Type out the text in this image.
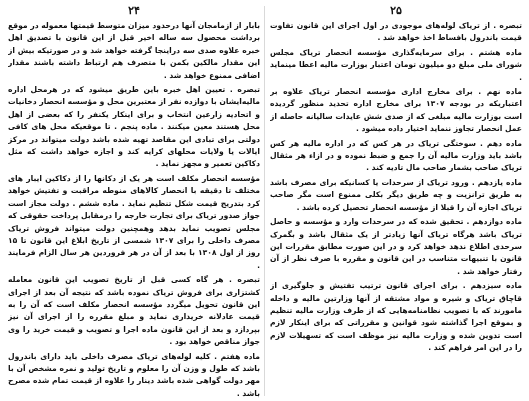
۲۴

بابار از ازمامجان آنها درحدود میزان متوسط قیمتها معموله در موقع برداشت محصول سه ساله اخیر قبل از این قانون با تصدیق اهل خبره علاوه صدی سه دراینجا گرفته خواهد شد و در صورتیکه بیش از این مقدار مالکین بکمن با متصرف هم ارتباط داشته باشند مقدار اضافی ممنوع خواهد شد .

تبصره . تعیین اهل خبره باین طریق میشود که در هرمحل اداره مالیه‌ایشان با دوازده نفر از معتبرین محل و مؤسسه انحصار دخانیات و اتحادیه زارعین انتخاب و برای اینکار یکنفر را که بعضی از اهل محل هستند معین میکنند . ماده پنجم . تا موقعیکه محل های کافی دولتی برای تبادی این مقاصد تهیه شده باشد دولت میتواند در مرکز ایالات یا ولایات محلهای کرایه کند و اجازه خواهد داشت که مثل دکاکین تعمیر و مجهز نماید .

مؤسسه انحصار مکلف است هر یک از دکانها را از دکاکین ایبار های مختلف تا دقیقه با انحصار کالاهای منوطه مراقبت و تفتیش خواهد کرد بتدریج قیمت شکل تنظیم نماید . ماده ششم . دولت مجاز است جواز صدور تریاک برای تجارت خارجه را درمقابل پرداخت حقوقی که مجلس تصویب نماید بدهد وهمچنین دولت میتواند فروش تریاک مصرف داخلی را برای ۱۳۰۷ شمسی از تاریخ ابلاغ این قانون تا ۱۵ روز از اول ۱۳۰۸ با بعد از آن در هر فروردین هر سال الزام فرمایند .

تبصره . هر گاه کسی قبل از تاریخ تصویب این قانون معامله کشتزاری برای فروش تریاک نموده باشد که نتیجه آن بعد از اجرای این قانون تحویل میگردد مؤسسه انحصار مکلف است که آن را به قیمت عادلانه خریداری نماید و مبلغ مقرره را از اجرای آن نیز بپردازد و بعد از این قانون ماده اجرا و تصویب و قیمت خرید را وی جواز مناقص خواهد بود .

ماده هفتم . کلیه لوله‌های تریاک مصرف داخلی باید دارای باندرول باشد که طول و وزن آن را معلوم و تاریخ تولید و نمره مشخص آن با مهر دولت گواهی شده باشد دینار را علاوه از قیمت تمام شده مصرح باشد .

۲۵

تبصره . از تریاک لوله‌های موجودی در اول اجرای این قانون تفاوت قیمت باندرول بافساط اخذ خواهد شد .

ماده هشتم . برای سرمایه‌گذاری مؤسسه انحصار تریاک مجلس شورای ملی مبلغ دو میلیون تومان اعتبار بوزارت مالیه اعطا مینماید .

ماده نهم . برای مخارج اداری مؤسسه انحصار تریاک علاوه بر اعتباریکه در بودجه ۱۳۰۷ برای مخارج اداره تحدید منظور گردیده است بوزارت مالیه مبلغی که از صدی شش عایدات سالیانه حاصله از عمل انحصار تجاوز ننماید اختیار داده میشود .

ماده دهم . سوختگی تریاک در هر کس که در اداره مالیه هر کس باشد باید وزارت مالیه آن را جمع و ضبط نموده و در ازاء هر مثقال تریاک صاحب بشمار صاحب مال تادیه کند .

ماده یازدهم . ورود تریاک از سرحدات یا کسانیکه برای مصرف باشد به طریق ترانزیت و چه طریق دیگر بکلی ممنوع است مگر صاحب تریاک اجازه آن را قبلا از مؤسسه انحصار تحصیل کرده باشد .

ماده دوازدهم . تحقیق شده که در سرحدات وارد و مؤسسه و حاصل تریاک باشد هرگاه تریاک آنها زیادتر از یک مثقال باشد و بگمرک سرحدی اطلاع ندهد خواهد کرد و در این صورت مطابق مقررات این قانون با تنبیهات متناسب در این قانون و مقرره با صرف نظر از آن رفتار خواهد شد .

ماده سیزدهم . برای اجرای قانون ترتیب تفتیش و جلوگیری از قاچاق تریاک و شیره و مواد مشتقه از آنها وزارتین مالیه و داخله مامورند که با تصویب نظامنامه‌هایی که از طرف وزارت مالیه تنظیم و بموقع اجرا گذاشته شود قوانین و مقرراتی که برای اینکار لازم است تدوین شده و وزارت مالیه نیز موظف است که تسهیلات لازم را در این امر فراهم کند .
